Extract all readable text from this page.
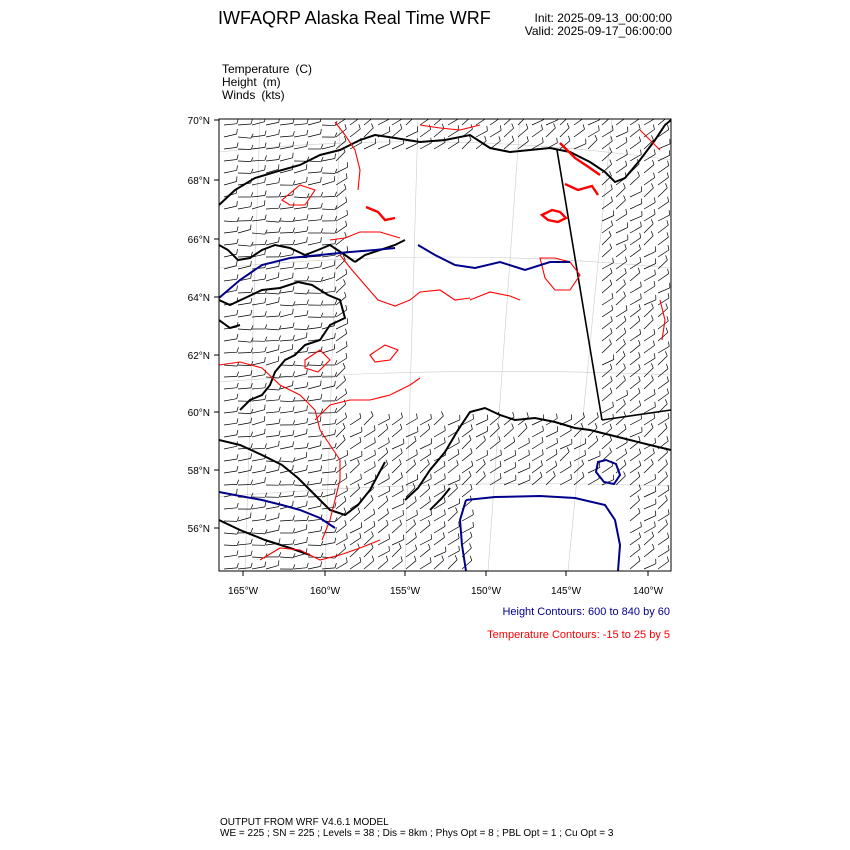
IWFAQRP Alaska Real Time WRF	Init: 2025-09-13_00:00:00
Valid: 2025-09-17_06:00:00
Temperature (C)
Height (m)
Winds (kts)
70°N
68°N
66°N
64°N
62°N
60°N
58°N
56°N
165°W	160°W	155°W	150°W	145°W	140°W
Height Contours: 600 to 840 by 60
Temperature Contours: -15 to 25 by 5
OUTPUT FROM WRF V4.6.1 MODEL
WE = 225 ; SN = 225 ; Levels = 38 ; Dis = 8km ; Phys Opt = 8 ; PBL Opt = 1 ; Cu Opt = 3
